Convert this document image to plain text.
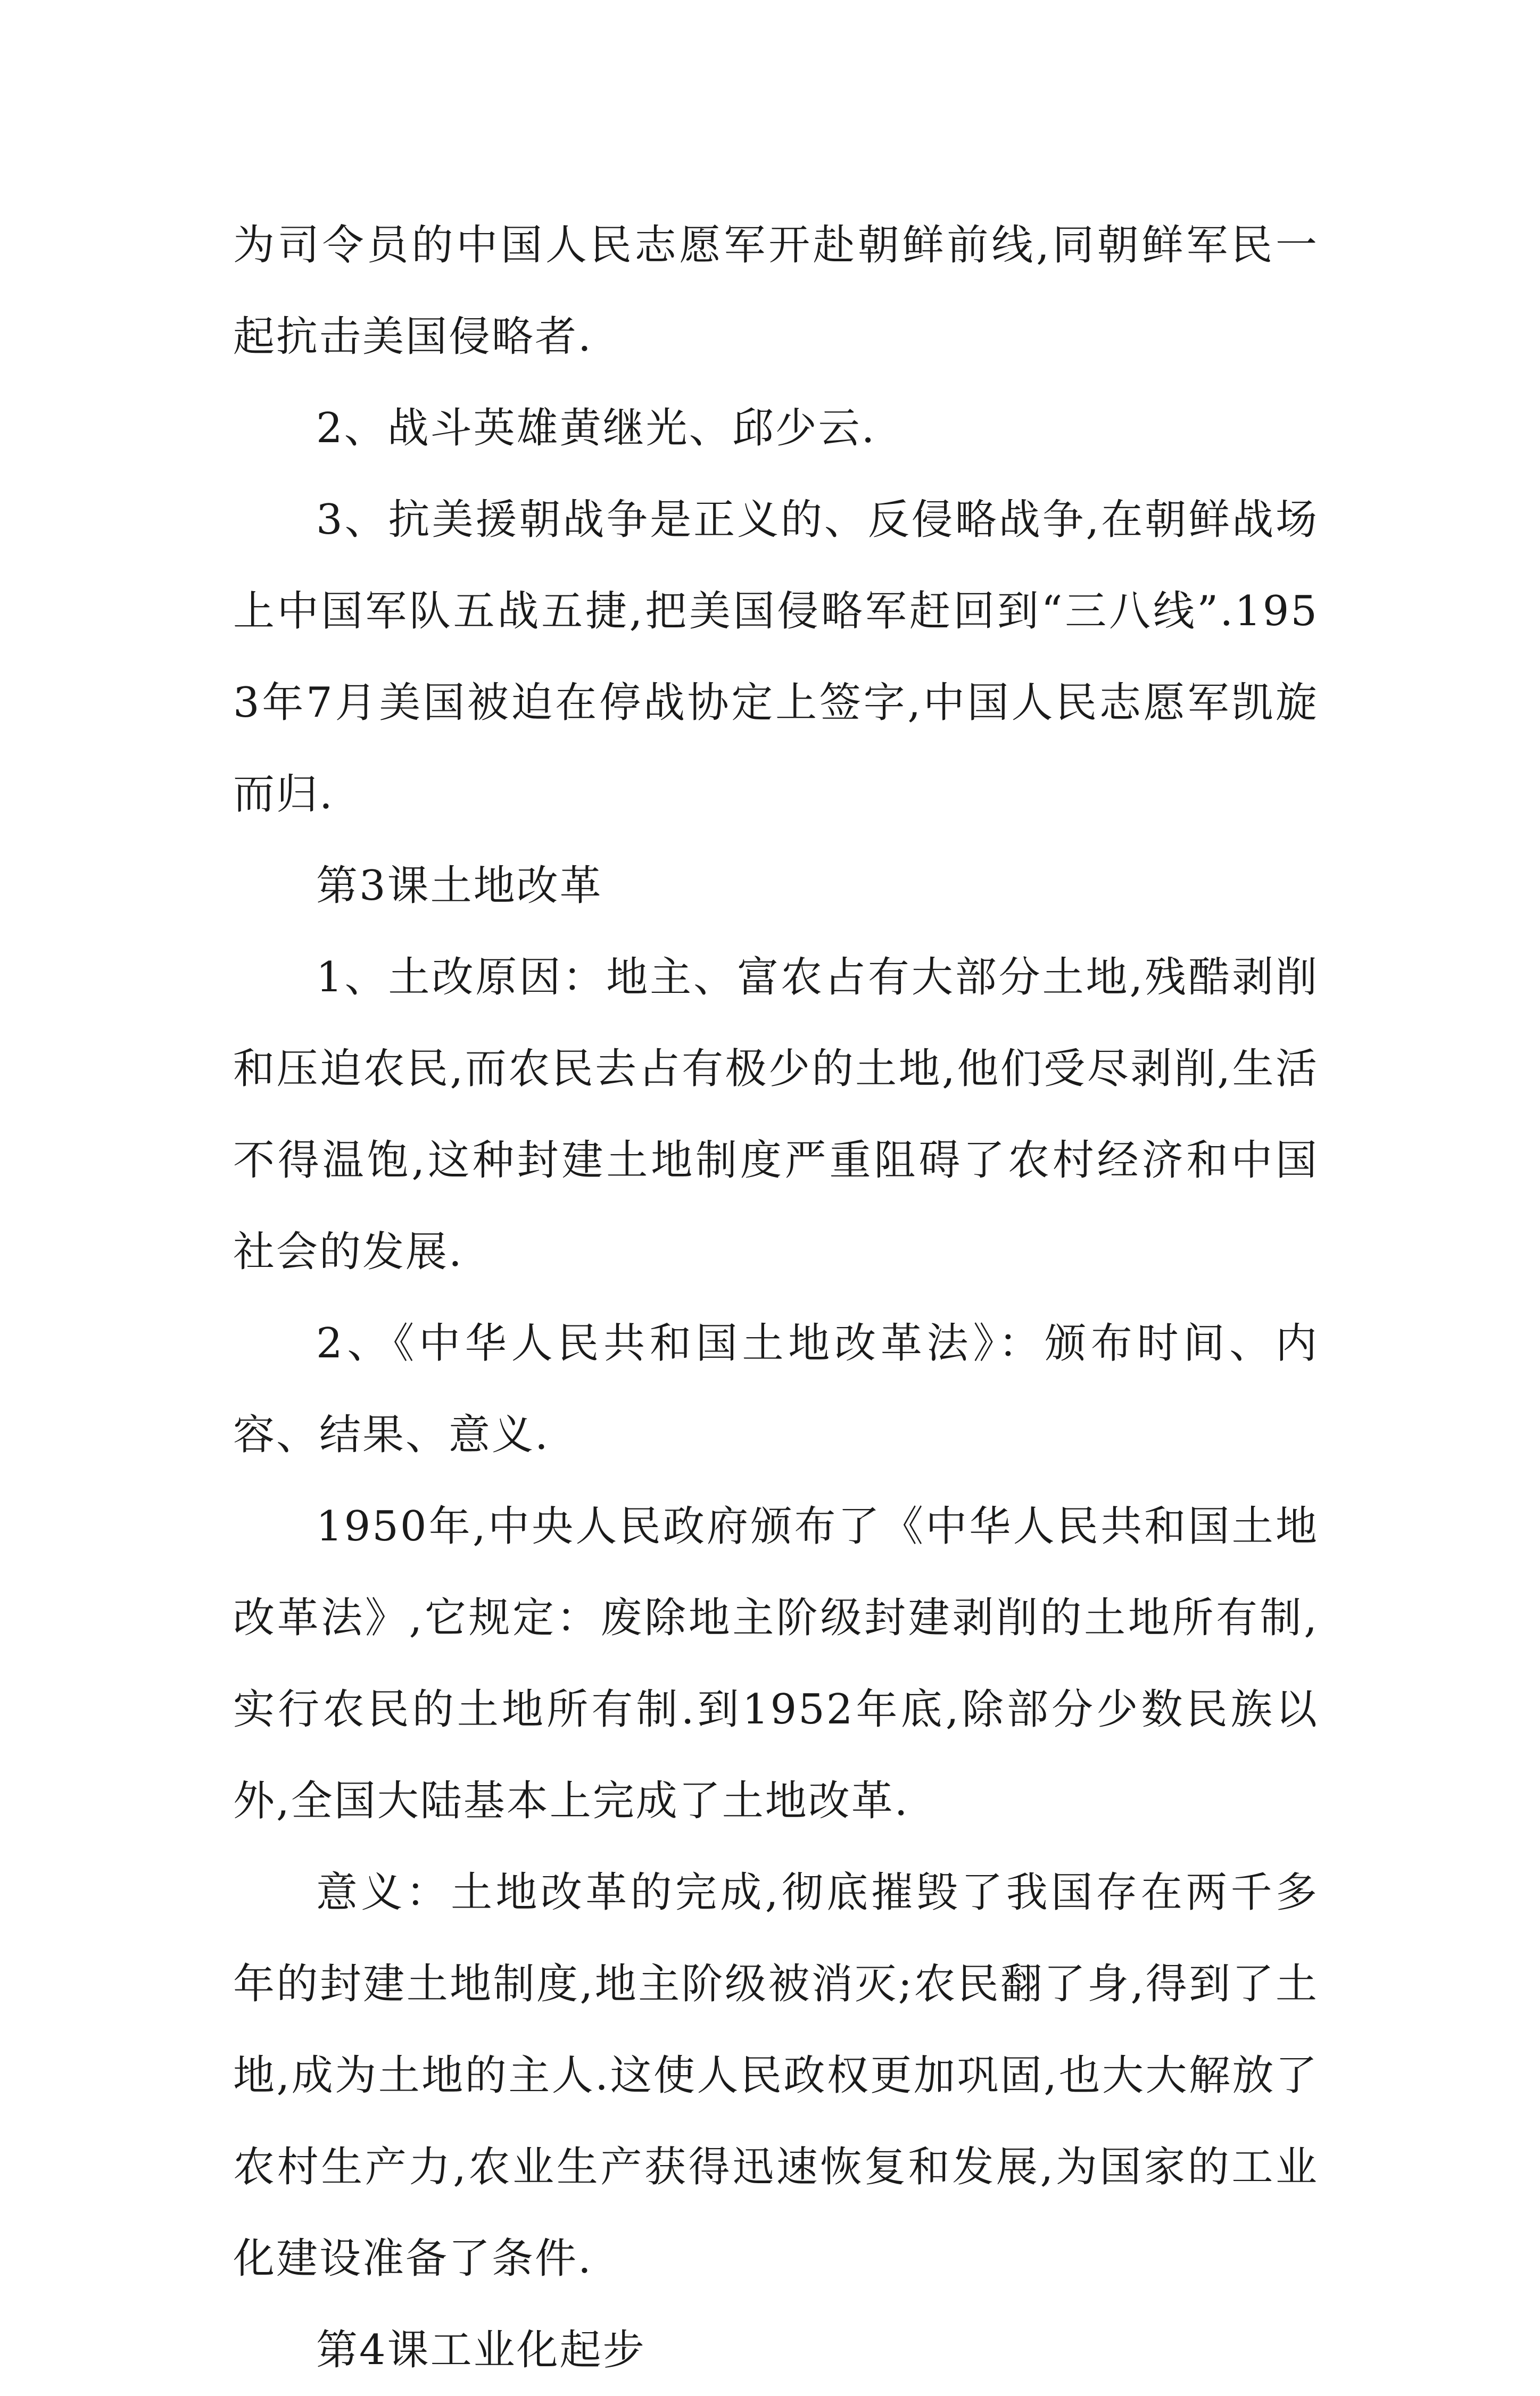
为司令员的中国人民志愿军开赴朝鲜前线,同朝鲜军民一起抗击美国侵略者.

2、战斗英雄黄继光、邱少云.

3、抗美援朝战争是正义的、反侵略战争,在朝鲜战场上中国军队五战五捷,把美国侵略军赶回到“三八线”.1953年7月美国被迫在停战协定上签字,中国人民志愿军凯旋而归.

第3课土地改革

1、土改原因：地主、富农占有大部分土地,残酷剥削和压迫农民,而农民去占有极少的土地,他们受尽剥削,生活不得温饱,这种封建土地制度严重阻碍了农村经济和中国社会的发展.

2、《中华人民共和国土地改革法》：颁布时间、内容、结果、意义.

1950年,中央人民政府颁布了《中华人民共和国土地改革法》,它规定：废除地主阶级封建剥削的土地所有制,实行农民的土地所有制.到1952年底,除部分少数民族以外,全国大陆基本上完成了土地改革.

意义：土地改革的完成,彻底摧毁了我国存在两千多年的封建土地制度,地主阶级被消灭;农民翻了身,得到了土地,成为土地的主人.这使人民政权更加巩固,也大大解放了农村生产力,农业生产获得迅速恢复和发展,为国家的工业化建设准备了条件.

第4课工业化起步
